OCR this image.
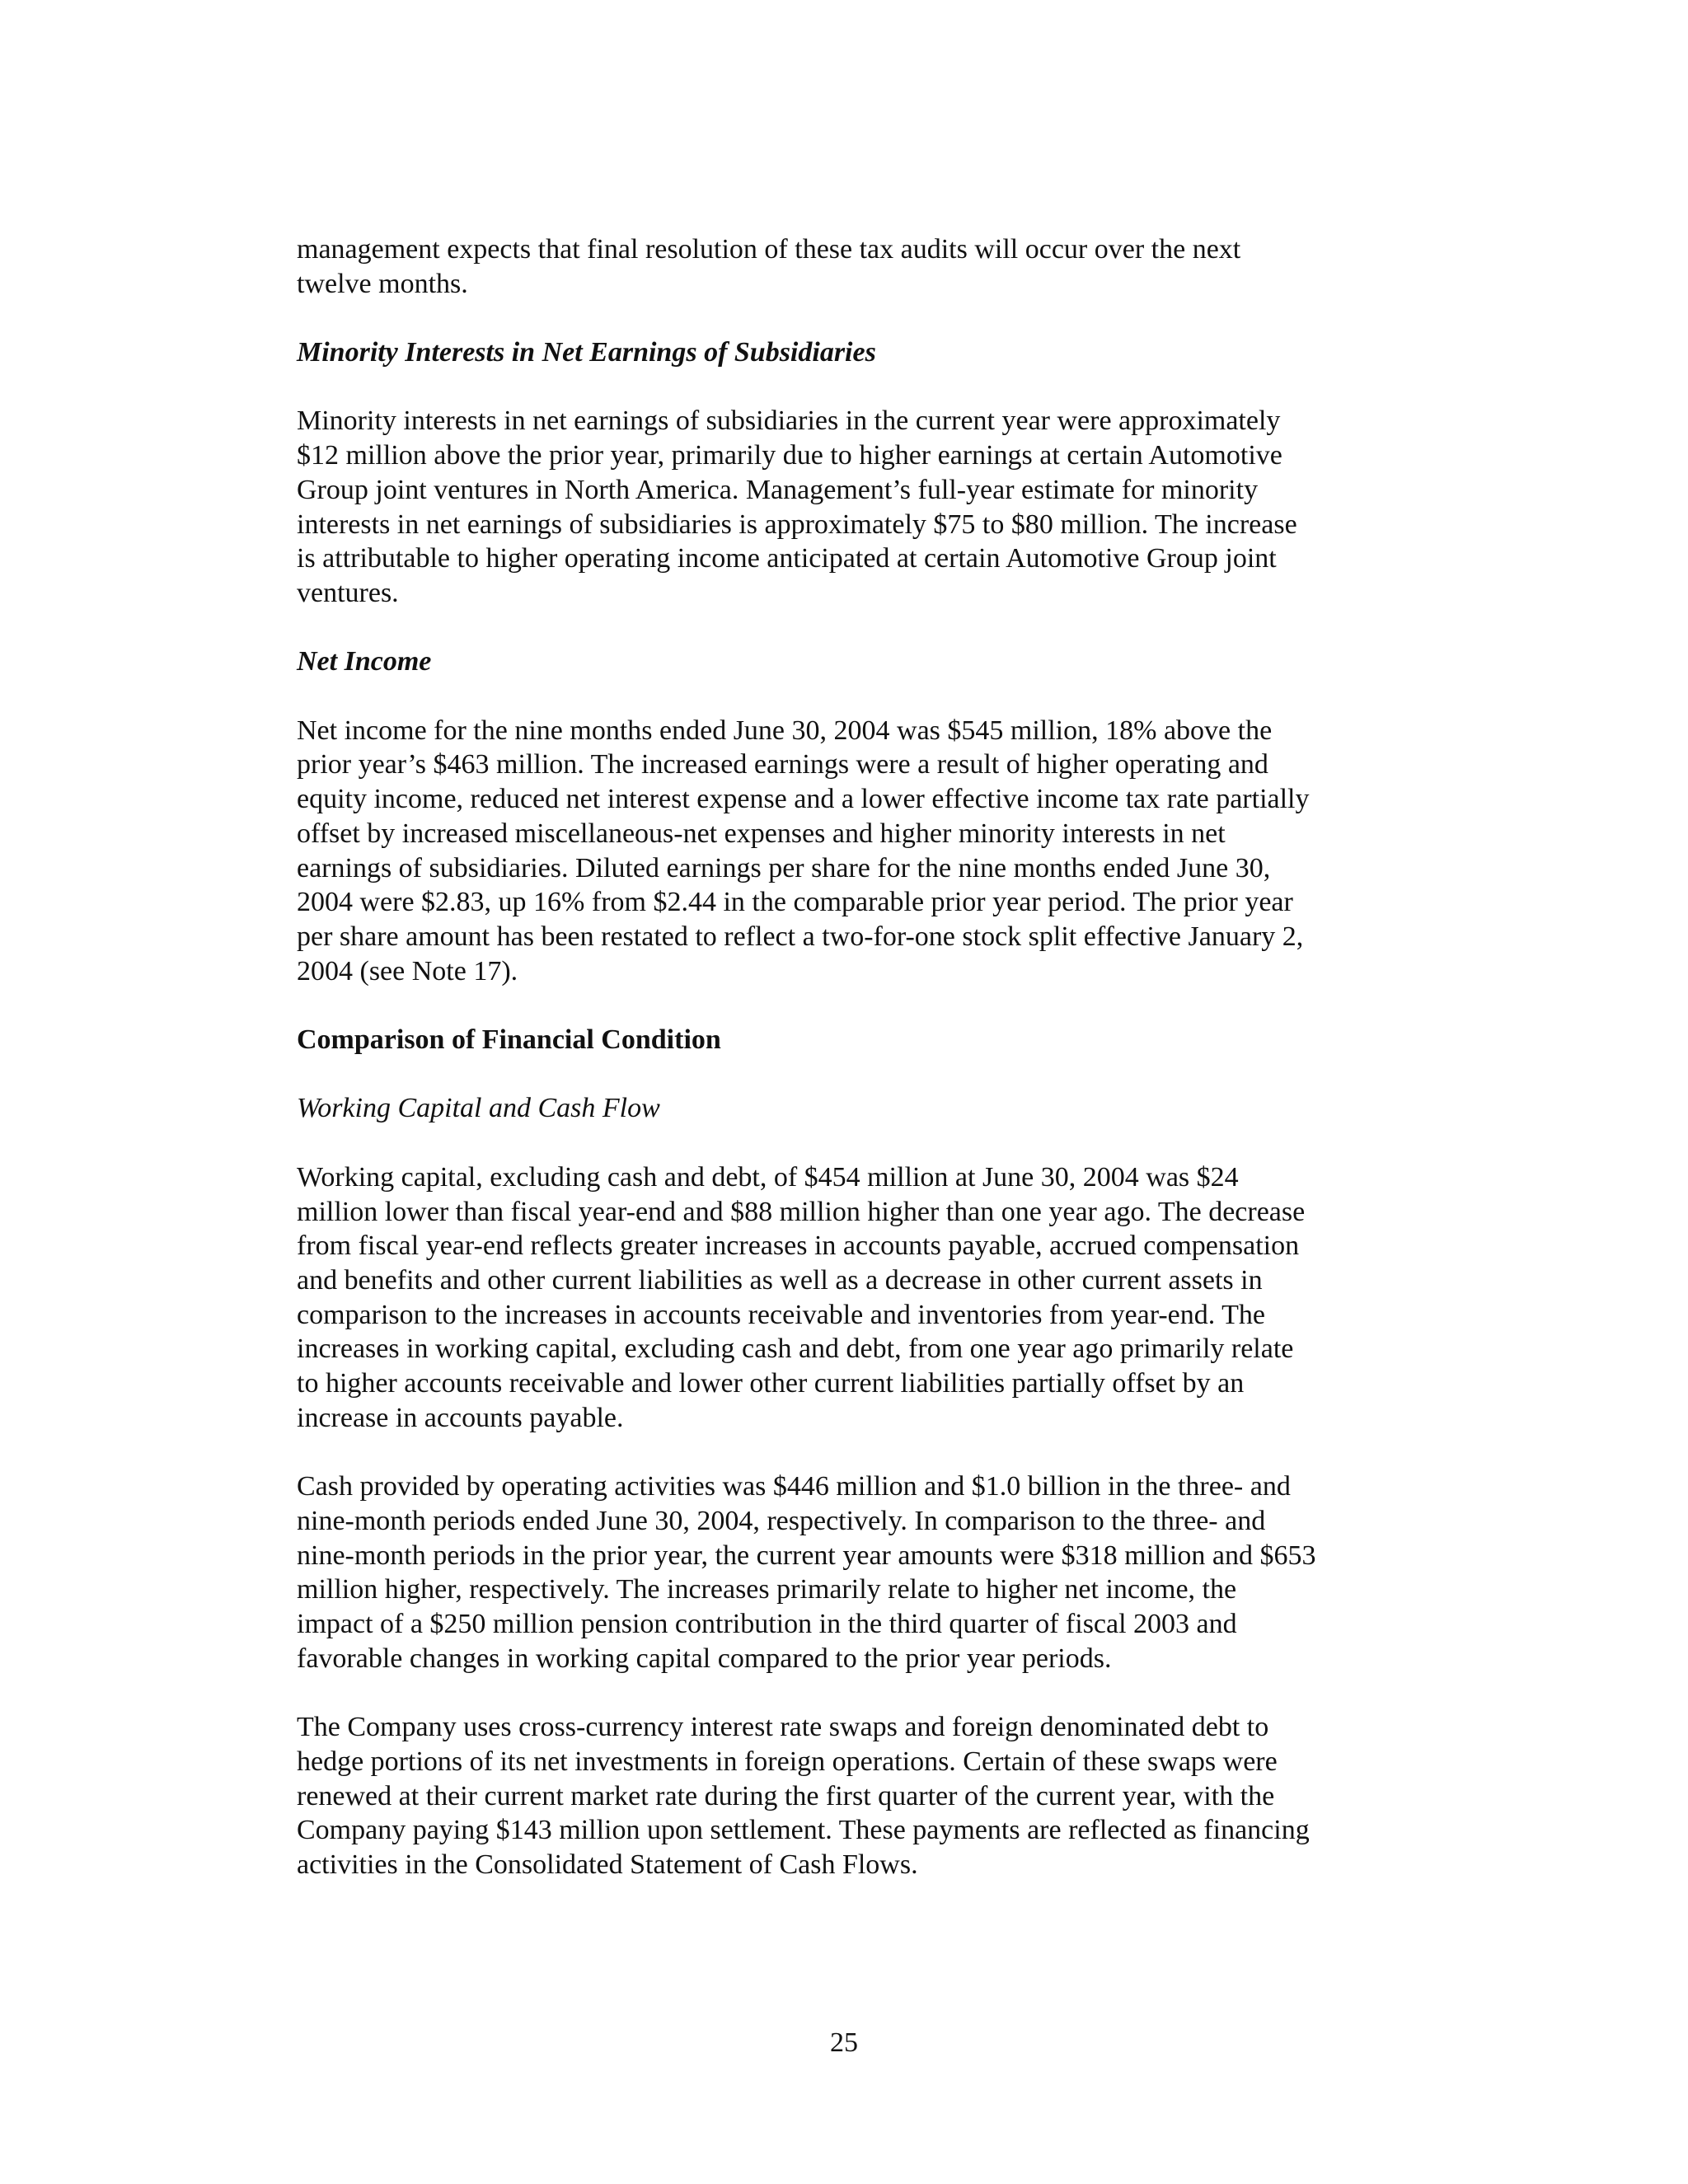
management expects that final resolution of these tax audits will occur over the next
twelve months.

Minority Interests in Net Earnings of Subsidiaries

Minority interests in net earnings of subsidiaries in the current year were approximately
$12 million above the prior year, primarily due to higher earnings at certain Automotive
Group joint ventures in North America. Management’s full-year estimate for minority
interests in net earnings of subsidiaries is approximately $75 to $80 million. The increase
is attributable to higher operating income anticipated at certain Automotive Group joint
ventures.

Net Income

Net income for the nine months ended June 30, 2004 was $545 million, 18% above the
prior year’s $463 million. The increased earnings were a result of higher operating and
equity income, reduced net interest expense and a lower effective income tax rate partially
offset by increased miscellaneous-net expenses and higher minority interests in net
earnings of subsidiaries. Diluted earnings per share for the nine months ended June 30,
2004 were $2.83, up 16% from $2.44 in the comparable prior year period. The prior year
per share amount has been restated to reflect a two-for-one stock split effective January 2,
2004 (see Note 17).

Comparison of Financial Condition

Working Capital and Cash Flow

Working capital, excluding cash and debt, of $454 million at June 30, 2004 was $24
million lower than fiscal year-end and $88 million higher than one year ago. The decrease
from fiscal year-end reflects greater increases in accounts payable, accrued compensation
and benefits and other current liabilities as well as a decrease in other current assets in
comparison to the increases in accounts receivable and inventories from year-end. The
increases in working capital, excluding cash and debt, from one year ago primarily relate
to higher accounts receivable and lower other current liabilities partially offset by an
increase in accounts payable.

Cash provided by operating activities was $446 million and $1.0 billion in the three- and
nine-month periods ended June 30, 2004, respectively. In comparison to the three- and
nine-month periods in the prior year, the current year amounts were $318 million and $653
million higher, respectively. The increases primarily relate to higher net income, the
impact of a $250 million pension contribution in the third quarter of fiscal 2003 and
favorable changes in working capital compared to the prior year periods.

The Company uses cross-currency interest rate swaps and foreign denominated debt to
hedge portions of its net investments in foreign operations. Certain of these swaps were
renewed at their current market rate during the first quarter of the current year, with the
Company paying $143 million upon settlement. These payments are reflected as financing
activities in the Consolidated Statement of Cash Flows.

25
